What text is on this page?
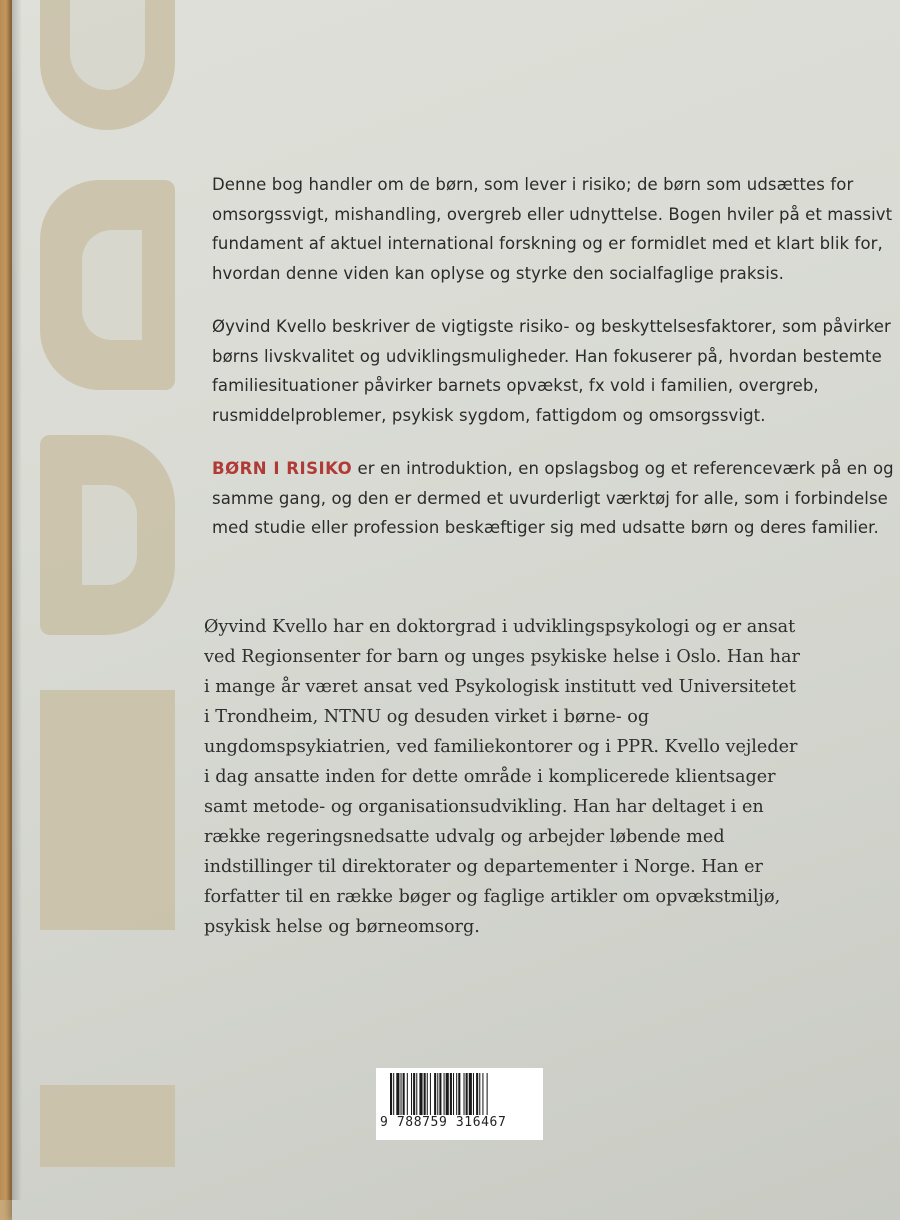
Denne bog handler om de børn, som lever i risiko; de børn som udsættes for omsorgssvigt, mishandling, overgreb eller udnyttelse. Bogen hviler på et massivt fundament af aktuel international forskning og er formidlet med et klart blik for, hvordan denne viden kan oplyse og styrke den socialfaglige praksis.

Øyvind Kvello beskriver de vigtigste risiko- og beskyttelsesfaktorer, som påvirker børns livskvalitet og udviklingsmuligheder. Han fokuserer på, hvordan bestemte familiesituationer påvirker barnets opvækst, fx vold i familien, overgreb, rusmiddelproblemer, psykisk sygdom, fattigdom og omsorgssvigt.

BØRN I RISIKO er en introduktion, en opslagsbog og et referenceværk på en og samme gang, og den er dermed et uvurderligt værktøj for alle, som i forbindelse med studie eller profession beskæftiger sig med udsatte børn og deres familier.

Øyvind Kvello har en doktorgrad i udviklingspsykologi og er ansat ved Regionsenter for barn og unges psykiske helse i Oslo. Han har i mange år været ansat ved Psykologisk institutt ved Universitetet i Trondheim, NTNU og desuden virket i børne- og ungdomspsykiatrien, ved familiekontorer og i PPR. Kvello vejleder i dag ansatte inden for dette område i komplicerede klientsager samt metode- og organisationsudvikling. Han har deltaget i en række regeringsnedsatte udvalg og arbejder løbende med indstillinger til direktorater og departementer i Norge. Han er forfatter til en række bøger og faglige artikler om opvækstmiljø, psykisk helse og børneomsorg.

9 788759 316467
